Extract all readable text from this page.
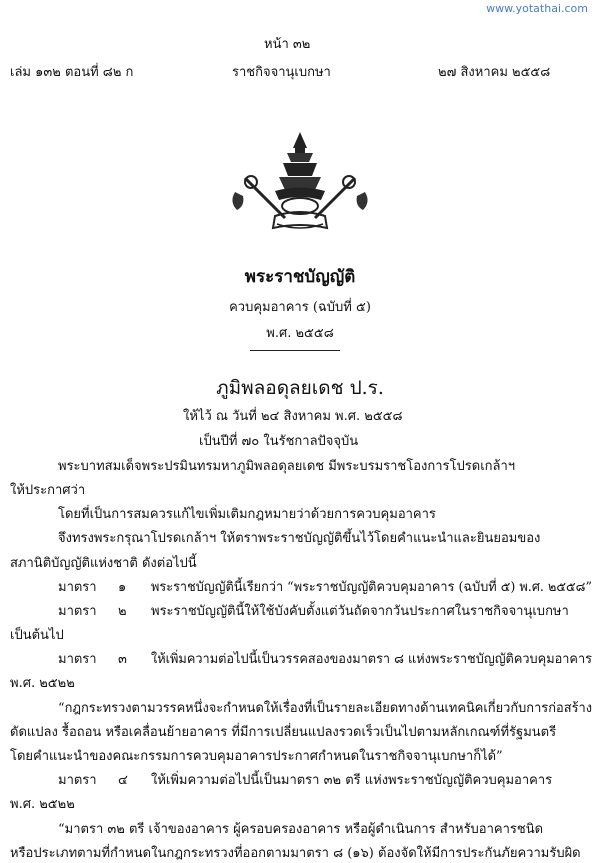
www.yotathai.com
หน้า ๓๒
เล่ม ๑๓๒ ตอนที่ ๘๒ ก	ราชกิจจานุเบกษา	๒๗ สิงหาคม ๒๕๕๘
พระราชบัญญัติ
ควบคุมอาคาร (ฉบับที่ ๕)
พ.ศ. ๒๕๕๘
ภูมิพลอดุลยเดช ป.ร.
ให้ไว้ ณ วันที่ ๒๔ สิงหาคม พ.ศ. ๒๕๕๘
เป็นปีที่ ๗๐ ในรัชกาลปัจจุบัน
พระบาทสมเด็จพระปรมินทรมหาภูมิพลอดุลยเดช มีพระบรมราชโองการโปรดเกล้าฯ
ให้ประกาศว่า
โดยที่เป็นการสมควรแก้ไขเพิ่มเติมกฎหมายว่าด้วยการควบคุมอาคาร
จึงทรงพระกรุณาโปรดเกล้าฯ ให้ตราพระราชบัญญัติขึ้นไว้โดยคำแนะนำและยินยอมของ
สภานิติบัญญัติแห่งชาติ ดังต่อไปนี้
มาตรา ๑ พระราชบัญญัตินี้เรียกว่า “พระราชบัญญัติควบคุมอาคาร (ฉบับที่ ๕) พ.ศ. ๒๕๕๘”
มาตรา ๒ พระราชบัญญัตินี้ให้ใช้บังคับตั้งแต่วันถัดจากวันประกาศในราชกิจจานุเบกษา
เป็นต้นไป
มาตรา ๓ ให้เพิ่มความต่อไปนี้เป็นวรรคสองของมาตรา ๘ แห่งพระราชบัญญัติควบคุมอาคาร
พ.ศ. ๒๕๒๒
“กฎกระทรวงตามวรรคหนึ่งจะกำหนดให้เรื่องที่เป็นรายละเอียดทางด้านเทคนิคเกี่ยวกับการก่อสร้าง
ดัดแปลง รื้อถอน หรือเคลื่อนย้ายอาคาร ที่มีการเปลี่ยนแปลงรวดเร็วเป็นไปตามหลักเกณฑ์ที่รัฐมนตรี
โดยคำแนะนำของคณะกรรมการควบคุมอาคารประกาศกำหนดในราชกิจจานุเบกษาก็ได้”
มาตรา ๔ ให้เพิ่มความต่อไปนี้เป็นมาตรา ๓๒ ตรี แห่งพระราชบัญญัติควบคุมอาคาร
พ.ศ. ๒๕๒๒
“มาตรา ๓๒ ตรี เจ้าของอาคาร ผู้ครอบครองอาคาร หรือผู้ดำเนินการ สำหรับอาคารชนิด
หรือประเภทตามที่กำหนดในกฎกระทรวงที่ออกตามมาตรา ๘ (๑๖) ต้องจัดให้มีการประกันภัยความรับผิด
